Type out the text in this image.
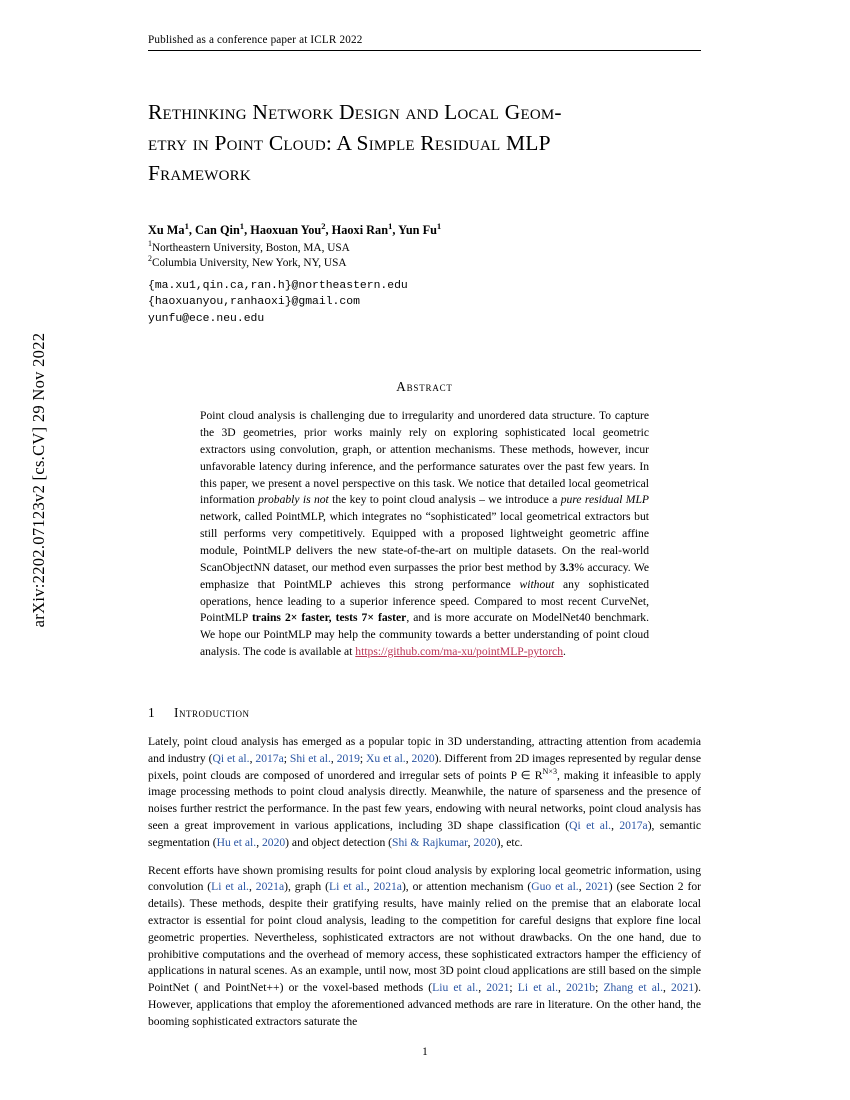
arXiv:2202.07123v2 [cs.CV] 29 Nov 2022
Published as a conference paper at ICLR 2022
Rethinking Network Design and Local Geom-
etry in Point Cloud: A Simple Residual MLP
Framework
Xu Ma$^1$, Can Qin$^1$, Haoxuan You$^2$, Haoxi Ran$^1$, Yun Fu$^1$
$^1$Northeastern University, Boston, MA, USA
$^2$Columbia University, New York, NY, USA
{ma.xu1,qin.ca,ran.h}@northeastern.edu
{haoxuanyou,ranhaoxi}@gmail.com
yunfu@ece.neu.edu
Abstract
Point cloud analysis is challenging due to irregularity and unordered data structure. To capture the 3D geometries, prior works mainly rely on exploring sophisticated local geometric extractors using convolution, graph, or attention mechanisms. These methods, however, incur unfavorable latency during inference, and the performance saturates over the past few years. In this paper, we present a novel perspective on this task. We notice that detailed local geometrical information probably is not the key to point cloud analysis – we introduce a pure residual MLP network, called PointMLP, which integrates no “sophisticated” local geometrical extractors but still performs very competitively. Equipped with a proposed lightweight geometric affine module, PointMLP delivers the new state-of-the-art on multiple datasets. On the real-world ScanObjectNN dataset, our method even surpasses the prior best method by 3.3% accuracy. We emphasize that PointMLP achieves this strong performance without any sophisticated operations, hence leading to a superior inference speed. Compared to most recent CurveNet, PointMLP trains 2× faster, tests 7× faster, and is more accurate on ModelNet40 benchmark. We hope our PointMLP may help the community towards a better understanding of point cloud analysis. The code is available at https://github.com/ma-xu/pointMLP-pytorch.
1 Introduction

Lately, point cloud analysis has emerged as a popular topic in 3D understanding, attracting attention from academia and industry (Qi et al., 2017a; Shi et al., 2019; Xu et al., 2020). Different from 2D images represented by regular dense pixels, point clouds are composed of unordered and irregular sets of points P ∈ $R^{N\times 3}$, making it infeasible to apply image processing methods to point cloud analysis directly. Meanwhile, the nature of sparseness and the presence of noises further restrict the performance. In the past few years, endowing with neural networks, point cloud analysis has seen a great improvement in various applications, including 3D shape classification (Qi et al., 2017a), semantic segmentation (Hu et al., 2020) and object detection (Shi & Rajkumar, 2020), etc.

Recent efforts have shown promising results for point cloud analysis by exploring local geometric information, using convolution (Li et al., 2021a), graph (Li et al., 2021a), or attention mechanism (Guo et al., 2021) (see Section 2 for details). These methods, despite their gratifying results, have mainly relied on the premise that an elaborate local extractor is essential for point cloud analysis, leading to the competition for careful designs that explore fine local geometric properties. Nevertheless, sophisticated extractors are not without drawbacks. On the one hand, due to prohibitive computations and the overhead of memory access, these sophisticated extractors hamper the efficiency of applications in natural scenes. As an example, until now, most 3D point cloud applications are still based on the simple PointNet ( and PointNet++) or the voxel-based methods (Liu et al., 2021; Li et al., 2021b; Zhang et al., 2021). However, applications that employ the aforementioned advanced methods are rare in literature. On the other hand, the booming sophisticated extractors saturate the

1
